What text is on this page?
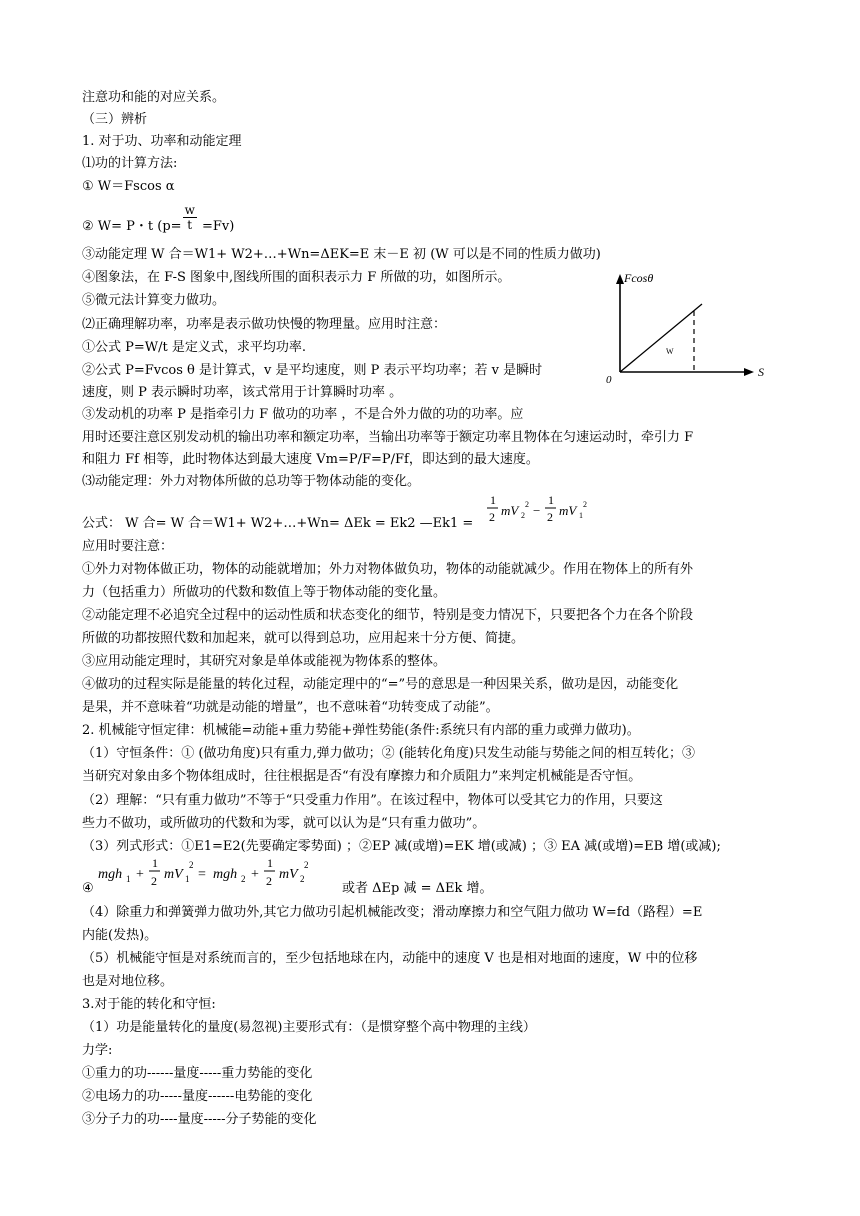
注意功和能的对应关系。
（三）辨析
1. 对于功、功率和动能定理
⑴功的计算方法:
① W＝Fscos α
② W= P・t $(p= \frac{w}{t} =Fv)$
③动能定理 W 合＝W1+ W2+…+Wn=ΔEK=E 末－E 初 (W 可以是不同的性质力做功)
④图象法，在 F-S 图象中,图线所围的面积表示力 F 所做的功，如图所示。
⑤微元法计算变力做功。
⑵正确理解功率，功率是表示做功快慢的物理量。应用时注意：
①公式 P=W/t 是定义式，求平均功率.
②公式 P=Fvcos θ 是计算式，v 是平均速度，则 P 表示平均功率；若 v 是瞬时
速度，则 P 表示瞬时功率，该式常用于计算瞬时功率 。
③发动机的功率 P 是指牵引力 F 做功的功率 ，不是合外力做的功的功率。应
用时还要注意区别发动机的输出功率和额定功率，当输出功率等于额定功率且物体在匀速运动时，牵引力 F
和阻力 Ff 相等，此时物体达到最大速度 Vm=P/F=P/Ff，即达到的最大速度。
⑶动能定理：外力对物体所做的总功等于物体动能的变化。
公式： W 合= W 合＝W1+ W2+…+Wn= ΔEk = Ek2 —Ek1 =
1
2 mV 2
2 −
1
2 mV 1
2
应用时要注意：
①外力对物体做正功，物体的动能就增加；外力对物体做负功，物体的动能就减少。作用在物体上的所有外
力（包括重力）所做功的代数和数值上等于物体动能的变化量。
②动能定理不必追究全过程中的运动性质和状态变化的细节，特别是变力情况下，只要把各个力在各个阶段
所做的功都按照代数和加起来，就可以得到总功，应用起来十分方便、简捷。
③应用动能定理时，其研究对象是单体或能视为物体系的整体。
④做功的过程实际是能量的转化过程，动能定理中的“=”号的意思是一种因果关系，做功是因，动能变化
是果，并不意味着“功就是动能的增量”，也不意味着“功转变成了动能”。
2. 机械能守恒定律：机械能=动能+重力势能+弹性势能(条件:系统只有内部的重力或弹力做功)。
（1）守恒条件：① (做功角度)只有重力,弹力做功；② (能转化角度)只发生动能与势能之间的相互转化；③
当研究对象由多个物体组成时，往往根据是否“有没有摩擦力和介质阻力”来判定机械能是否守恒。
（2）理解：“只有重力做功”不等于“只受重力作用”。在该过程中，物体可以受其它力的作用，只要这
些力不做功，或所做功的代数和为零，就可以认为是“只有重力做功”。
（3）列式形式：①E1=E2(先要确定零势面) ；②EP 减(或增)=EK 增(或减) ；③ EA 减(或增)=EB 增(或减);
④
mgh 1 +
1
2 mV 1
2
= mgh 2 +
1
2 mV 2
2
或者 ΔEp 减 = ΔEk 增。
（4）除重力和弹簧弹力做功外,其它力做功引起机械能改变；滑动摩擦力和空气阻力做功 W=fd（路程）=E
内能(发热)。
（5）机械能守恒是对系统而言的，至少包括地球在内，动能中的速度 V 也是相对地面的速度，W 中的位移
也是对地位移。
3.对于能的转化和守恒:
（1）功是能量转化的量度(易忽视)主要形式有：（是惯穿整个高中物理的主线）
力学:
①重力的功------量度-----重力势能的变化
②电场力的功-----量度------电势能的变化
③分子力的功----量度-----分子势能的变化
Fcosθ
S
0
W
